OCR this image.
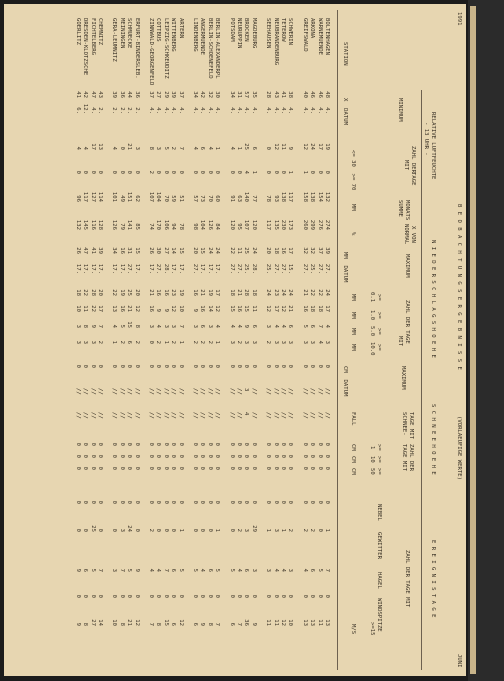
1991
B E O B A C H T U N G S E R G E B N I S S E
(VORLAEUFIGE WERTE)
JUNI
STATION
RELATIVE LUFTFEUCHTE
- 13 UHR -
MINIMUM
X  DATUM
ZAHL DER
TAGE
MIT
<= 30  >= 70
N I E D E R S C H L A G S H O E H E
MONATS
SUMME
MM
X VON
NORMAL
%
MAXIMUM
MM  DATUM
ZAHL DER TAGE
MIT
>=
>=
>=
>=
0.1
1.0
5.0
10.0
MM
MM
MM
MM
S C H N E E H O E H E
MAXIMUM
CM  DATUM
TAGE MIT
SCHNEE-
FALL
ZAHL DER
TAGE MIT
>=
>=
>=
1
10
50
CM
CM
CM
E R E I G N I S T A G E
ZAHL DER TAGE MIT
NEBEL
GEWITTER
HAGEL
WINDSPITZE
>=15
M/S
BOLTENHAGEN
48
4.
19
0
132
274
39
27.
24
17
4
3
0
//
//
0
0
0
0
1
7
0
13
WARNEMUENDE
46
4.
17
0
154
276
37
27.
22
18
7
4
0
//
//
0
0
0
0
0
5
0
11
ARKONA
46
4.
24
0
138
299
32
25.
22
18
6
3
0
//
//
0
0
0
0
2
6
0
13
GREIFSWALD
40
4.
12
1
158
260
32
27.
21
16
5
3
0
//
//
0
0
0
0
2
4
0
13
SCHWERIN
38
4.
9
1
117
173
17
15.
24
21
6
3
0
//
//
0
0
0
0
2
3
0
10
TETEROW
41
4.
11
0
138
230
16
27.
24
12
4
3
0
//
//
0
0
0
0
1
4
0
12
NEUBRANDENBURG
43
4.
12
0
93
135
18
27.
23
17
4
3
0
//
//
0
0
0
0
3
4
0
11
SEEHAUSEN
28
4.
0
0
78
117
20
25.
24
12
3
2
0
//
//
0
0
0
0
1
3
0
11
MAGDEBURG
35
4.
6
1
77
120
24
28.
18
11
6
3
0
//
//
0
0
0
0
29
3
0
9
BROCKEN
57
4.
25
4
140
107
25
25.
28
15
9
3
0
3
4
0
0
0
0
3
6
0
36
NEURUPPIN
31
4.
1
0
63
95
11
27.
21
16
4
2
0
//
//
0
0
0
0
2
4
0
7
POTSDAM
34
4.
4
0
91
120
22
27.
18
15
4
3
0
//
//
0
0
0
0
0
5
0
6
BERLIN-ALEXANDERPL
30
4.
1
0
60
84
24
17.
17
12
4
1
0
//
//
0
0
0
0
1
5
0
7
BERLIN-SCHOENEFELD
32
4.
4
0
70
126
24
17.
19
14
3
2
0
//
//
0
0
0
0
0
6
0
8
ANGERMUENDE
42
4.
6
0
73
104
15
17.
21
16
6
2
0
//
//
0
0
0
0
0
4
0
9
LINDENBERG
34
4.
4
0
57
98
20
27.
16
9
3
2
0
//
//
0
0
0
0
0
5
0
6
ARTERN
37
4.
7
0
51
78
15
17.
19
10
7
1
0
//
//
0
0
0
0
1
5
0
12
WITTENBERG
39
4.
2
0
59
94
14
17.
23
12
3
2
0
//
//
0
0
0
0
0
6
0
6
LEIPZIG-SCHKEUDITZ
29
4.
5
0
70
106
27
28.
16
9
3
1
0
//
//
0
0
0
0
0
7
0
15
COTTBUS
27
4.
3
0
104
170
30
27.
16
9
4
2
0
//
//
0
0
0
0
0
4
0
8
ZINNWALD-GEORGENFELD
37
4.
8
2
107
74
26
17.
21
16
3
0
0
//
//
0
0
0
0
2
4
0
7
ERFURT-BINDERSLEB.
36
2.
3
0
62
85
15
17.
20
12
8
2
0
//
//
0
0
0
0
0
9
0
12
SCHMUECKE
44
2.
21
0
151
141
31
27.
25
21
15
6
0
//
//
0
0
0
0
24
5
0
21
MEININGEN
36
2.
0
0
49
79
16
17.
19
16
5
2
0
//
//
0
0
0
0
3
7
0
8
GERA-LEUMNITZ
39
2.
4
0
101
126
34
17.
22
13
4
1
0
//
//
0
0
0
0
0
3
0
10
CHEMNITZ
43
2.
13
0
114
128
39
17.
20
17
7
2
0
//
//
0
0
0
0
0
7
0
14
FICHTELBERG
47
4.
17
0
127
116
41
17.
28
22
9
3
0
//
//
0
0
0
0
25
5
0
27
DRESDEN-KLOTZSCHE
42
12.
4
0
117
145
47
17.
22
11
8
3
0
//
//
0
0
0
0
0
6
0
8
GOERLITZ
41
6.
4
0
96
132
26
17.
18
10
3
3
0
//
//
0
0
0
0
0
9
0
9
